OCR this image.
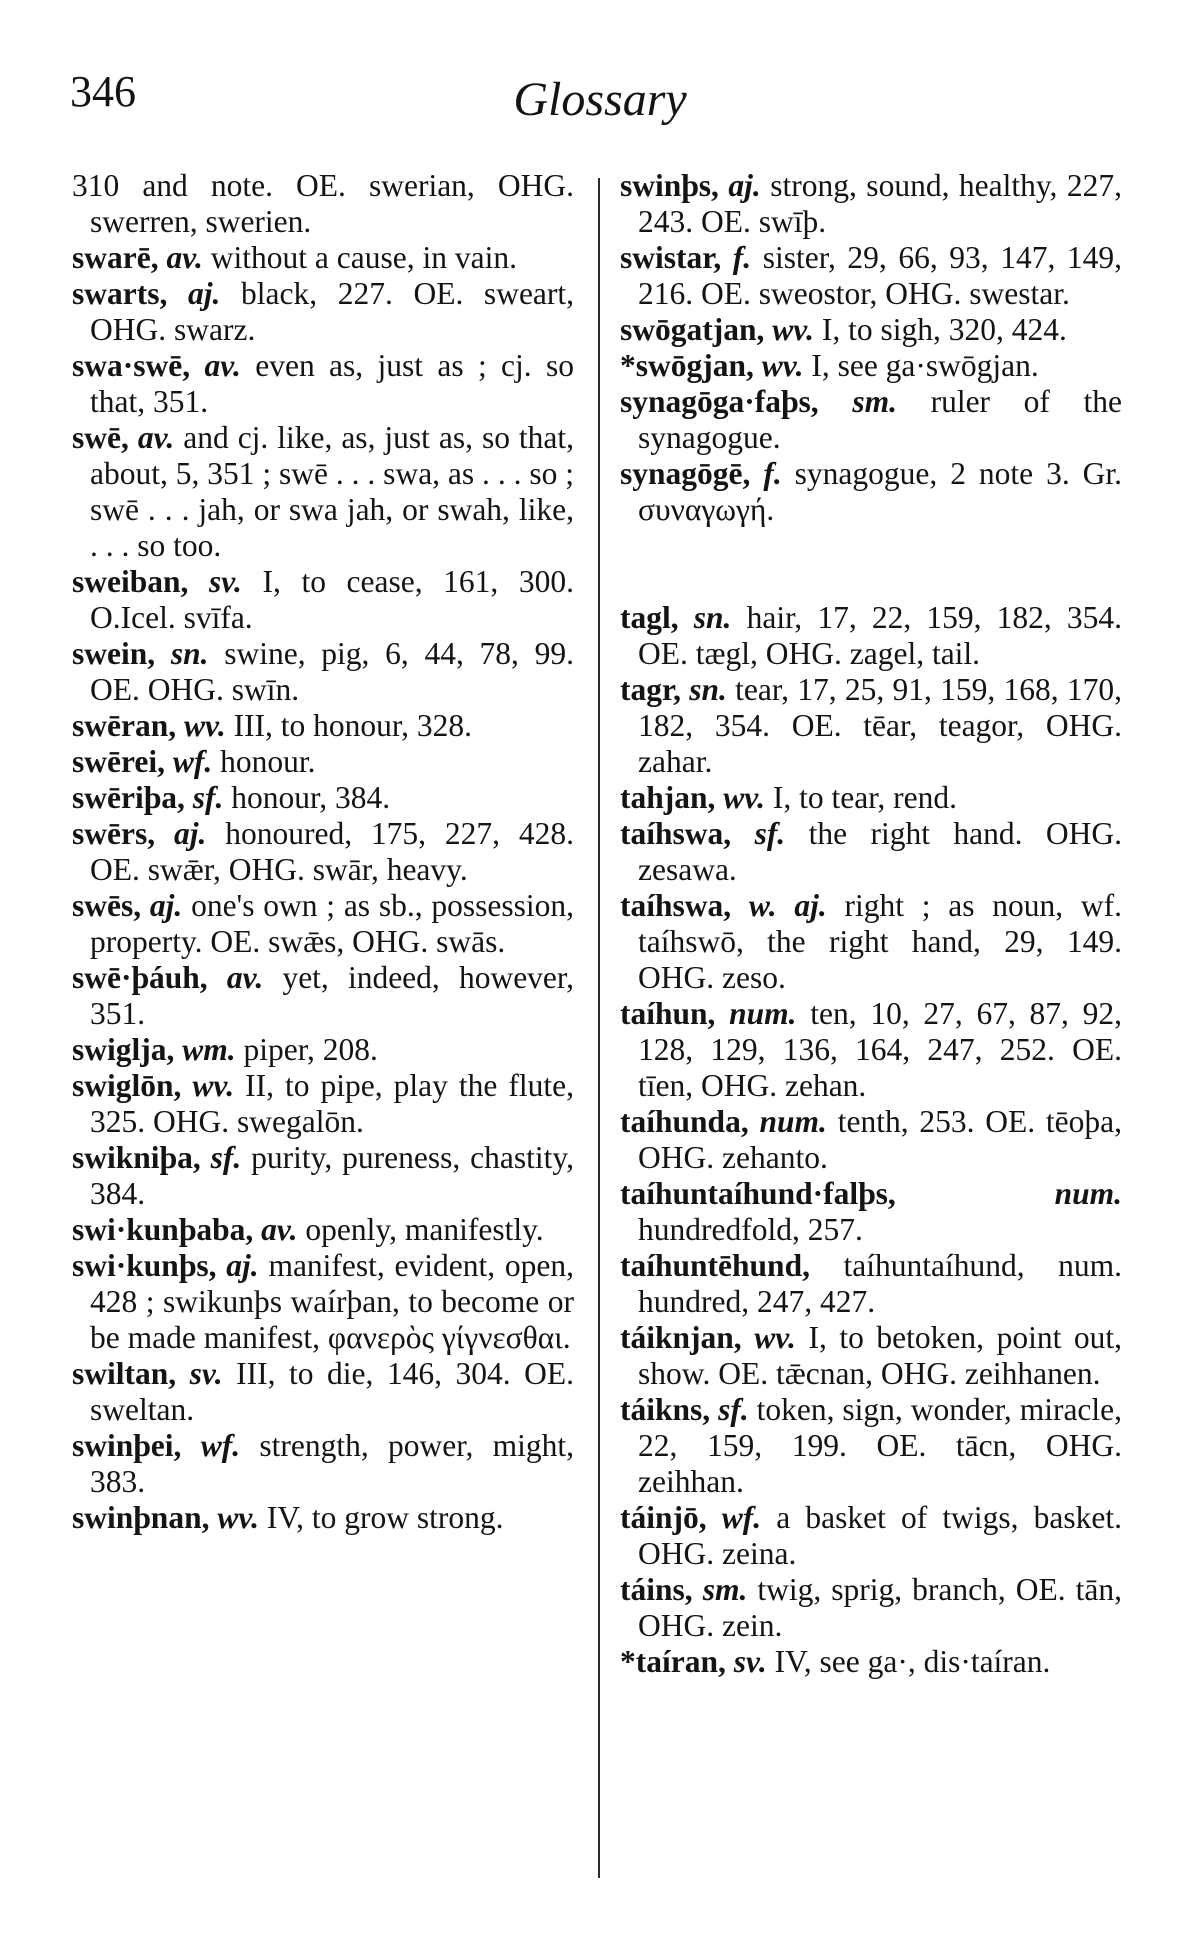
346	Glossary
310 and note. OE. swerian, OHG. swerren, swerien.
swarē, av. without a cause, in vain.
swarts, aj. black, 227. OE. sweart, OHG. swarz.
swa·swē, av. even as, just as ; cj. so that, 351.
swē, av. and cj. like, as, just as, so that, about, 5, 351 ; swē . . . swa, as . . . so ; swē . . . jah, or swa jah, or swah, like, . . . so too.
sweiban, sv. I, to cease, 161, 300. O.Icel. svīfa.
swein, sn. swine, pig, 6, 44, 78, 99. OE. OHG. swīn.
swēran, wv. III, to honour, 328.
swērei, wf. honour.
swēriþa, sf. honour, 384.
swērs, aj. honoured, 175, 227, 428. OE. swǣr, OHG. swār, heavy.
swēs, aj. one's own ; as sb., possession, property. OE. swǣs, OHG. swās.
swē·þáuh, av. yet, indeed, however, 351.
swiglja, wm. piper, 208.
swiglōn, wv. II, to pipe, play the flute, 325. OHG. swegalōn.
swikniþa, sf. purity, pureness, chastity, 384.
swi·kunþaba, av. openly, manifestly.
swi·kunþs, aj. manifest, evident, open, 428 ; swikunþs waírþan, to become or be made manifest, φανερὸς γίγνεσθαι.
swiltan, sv. III, to die, 146, 304. OE. sweltan.
swinþei, wf. strength, power, might, 383.
swinþnan, wv. IV, to grow strong.
swinþs, aj. strong, sound, healthy, 227, 243. OE. swīþ.
swistar, f. sister, 29, 66, 93, 147, 149, 216. OE. sweostor, OHG. swestar.
swōgatjan, wv. I, to sigh, 320, 424.
*swōgjan, wv. I, see ga·swōgjan.
synagōga·faþs, sm. ruler of the synagogue.
synagōgē, f. synagogue, 2 note 3. Gr. συναγωγή.
tagl, sn. hair, 17, 22, 159, 182, 354. OE. tægl, OHG. zagel, tail.
tagr, sn. tear, 17, 25, 91, 159, 168, 170, 182, 354. OE. tēar, teagor, OHG. zahar.
tahjan, wv. I, to tear, rend.
taíhswa, sf. the right hand. OHG. zesawa.
taíhswa, w. aj. right ; as noun, wf. taíhswō, the right hand, 29, 149. OHG. zeso.
taíhun, num. ten, 10, 27, 67, 87, 92, 128, 129, 136, 164, 247, 252. OE. tīen, OHG. zehan.
taíhunda, num. tenth, 253. OE. tēoþa, OHG. zehanto.
taíhuntaíhund·falþs,	num. hundredfold, 257.
taíhuntēhund, taíhuntaíhund, num. hundred, 247, 427.
táiknjan, wv. I, to betoken, point out, show. OE. tǣcnan, OHG. zeihhanen.
táikns, sf. token, sign, wonder, miracle, 22, 159, 199. OE. tācn, OHG. zeihhan.
táinjō, wf. a basket of twigs, basket. OHG. zeina.
táins, sm. twig, sprig, branch, OE. tān, OHG. zein.
*taíran, sv. IV, see ga·, dis·taíran.
